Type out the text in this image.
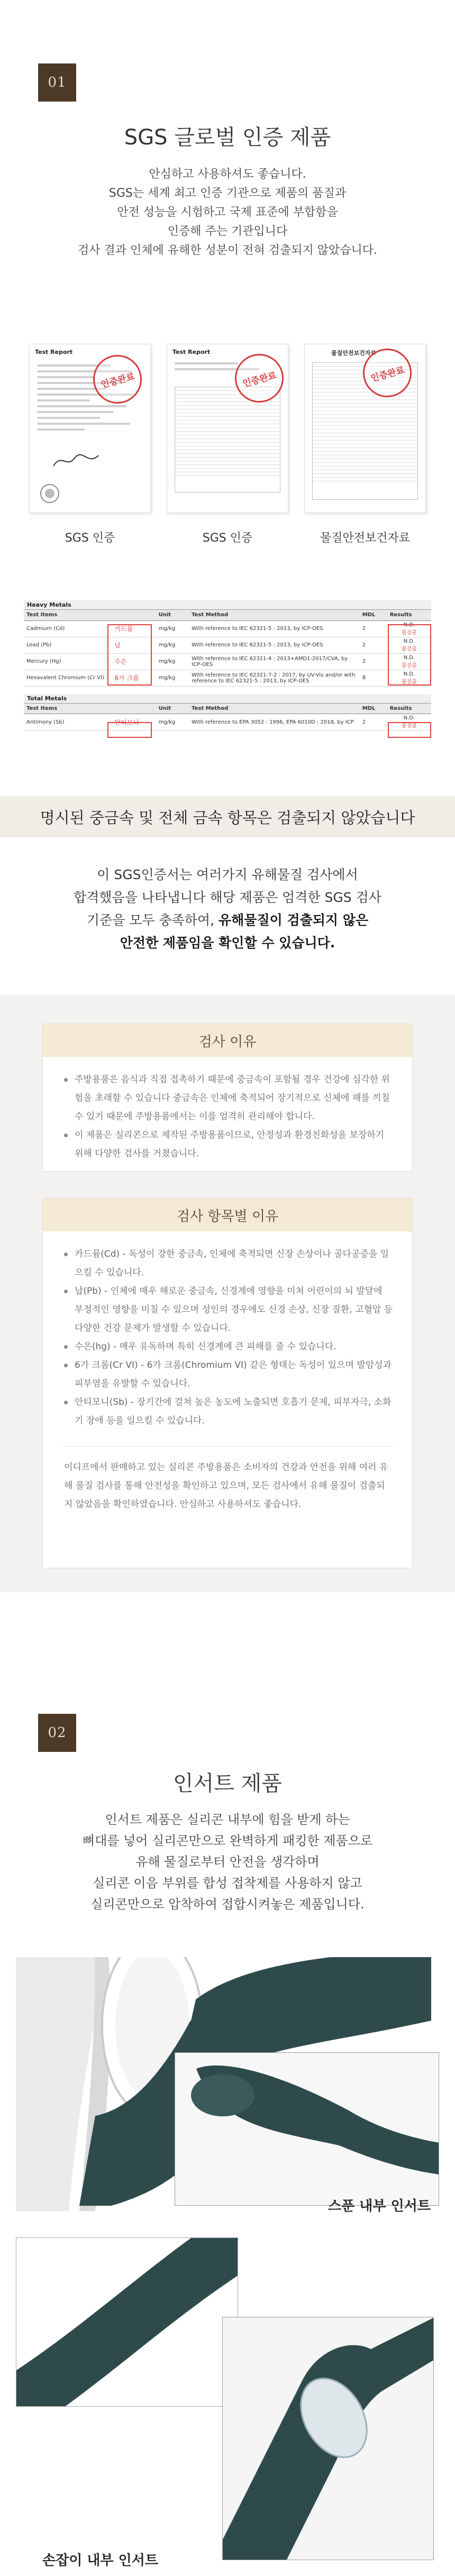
01
SGS 글로벌 인증 제품
안심하고 사용하셔도 좋습니다.
SGS는 세계 최고 인증 기관으로 제품의 품질과
안전 성능을 시험하고 국제 표준에 부합함을
인증해 주는 기관입니다
검사 결과 인체에 유해한 성분이 전혀 검출되지 않았습니다.
Test Report
인증완료
SGS 인증
Test Report
인증완료
SGS 인증
물질안전보건자료
인증완료
물질안전보건자료
Heavy Metals
Test Items		Unit	Test Method	MDL	Results
Cadmium (Cd)	카드뮴	mg/kg	With reference to IEC 62321-5 : 2013, by ICP-OES	2	N.D.
불검출

Lead (Pb)	납	mg/kg	With reference to IEC 62321-5 : 2013, by ICP-OES	2	N.D.
불검출

Mercury (Hg)	수은	mg/kg	With reference to IEC 62321-4 : 2013+AMD1:2017/CVA, by ICP-OES	2	N.D.
불검출

Hexavalent Chromium (Cr VI)	6가 크롬	mg/kg	With reference to IEC 62321-7-2 : 2017, by UV-Vis and/or with reference to IEC 62321-5 : 2013, by ICP-OES	8	N.D.
불검출
Total Metals
Test Items		Unit	Test Method	MDL	Results
Antimony (Sb)	안티모니	mg/kg	With reference to EPA 3052 : 1996, EPA 6010D : 2018, by ICP	2	N.D.
불검출
명시된 중금속 및 전체 금속 항목은 검출되지 않았습니다
이 SGS인증서는 여러가지 유해물질 검사에서
합격했음을 나타냅니다 해당 제품은 엄격한 SGS 검사
기준을 모두 충족하여, 유해물질이 검출되지 않은
안전한 제품임을 확인할 수 있습니다.
검사 이유
주방용품은 음식과 직접 접촉하기 때문에 중금속이 포함될 경우 건강에 심각한 위험을 초래할 수 있습니다 중금속은 인체에 축적되어 장기적으로 신체에 해를 끼칠 수 있기 때문에 주방용품에서는 이를 엄격히 관리해야 합니다.
이 제품은 실리콘으로 제작된 주방용품이므로, 안정성과 환경친화성을 보장하기 위해 다양한 검사를 거쳤습니다.
검사 항목별 이유
카드뮴(Cd) - 독성이 강한 중금속, 인체에 축적되면 신장 손상이나 골다공증을 일으킬 수 있습니다.
납(Pb) - 인체에 매우 해로운 중금속, 신경계에 영향을 미쳐 어린이의 뇌 발달에 부정적인 영향을 미칠 수 있으며 성인의 경우에도 신경 손상, 신장 질환, 고혈압 등 다양한 건강 문제가 발생할 수 있습니다.
수은(hg) - 매우 유독하며 특히 신경계에 큰 피해를 줄 수 있습니다.
6가 크롬(Cr VI) - 6가 크롬(Chromium VI) 같은 형태는 독성이 있으며 발암성과 피부염을 유발할 수 있습니다.
안티모니(Sb) - 장기간에 걸쳐 높은 농도에 노출되면 호흡기 문제, 피부자극, 소화기 장애 등을 일으킬 수 있습니다.
이디프에서 판매하고 있는 실리콘 주방용품은 소비자의 건강과 안전을 위해 여러 유해 물질 검사를 통해 안전성을 확인하고 있으며, 모든 검사에서 유해 물질이 검출되지 않았음을 확인하였습니다. 안심하고 사용하셔도 좋습니다.
02
인서트 제품
인서트 제품은 실리콘 내부에 힘을 받게 하는
뼈대를 넣어 실리콘만으로 완벽하게 패킹한 제품으로
유해 물질로부터 안전을 생각하며
실리콘 이음 부위를 합성 접착제를 사용하지 않고
실리콘만으로 압착하여 접합시켜놓은 제품입니다.
스푼 내부 인서트
손잡이 내부 인서트
